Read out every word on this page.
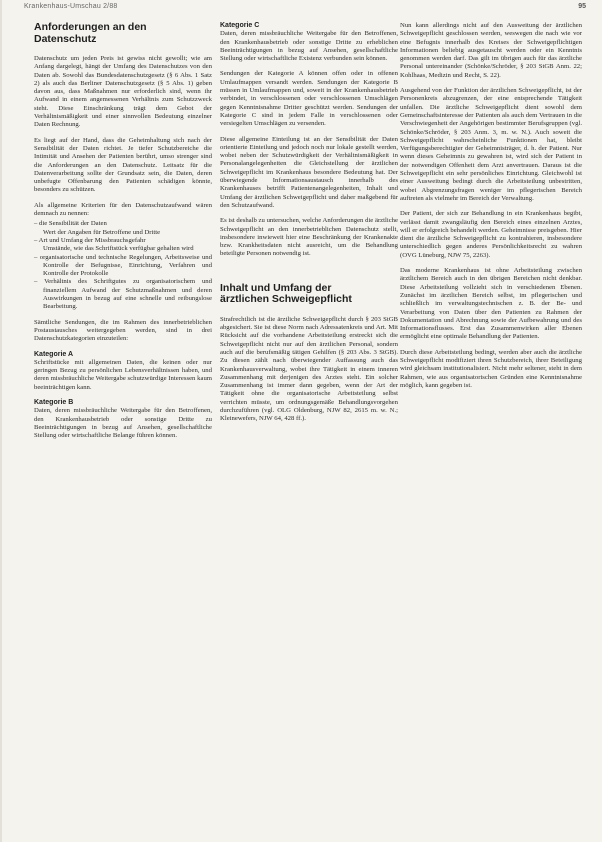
Krankenhaus-Umschau 2/88	95
Anforderungen an den
Datenschutz

Datenschutz um jeden Preis ist gewiss nicht gewollt; wie am Anfang dargelegt, hängt der Umfang des Datenschutzes von den Daten ab. Sowohl das Bundesdatenschutzgesetz (§ 6 Abs. 1 Satz 2) als auch das Berliner Datenschutzgesetz (§ 5 Abs. 1) geben davon aus, dass Maßnahmen nur erforderlich sind, wenn ihr Aufwand in einem angemessenen Verhältnis zum Schutzzweck steht. Diese Einschränkung trägt dem Gebot der Verhältnismäßigkeit und einer sinnvollen Bedeutung einzelner Daten Rechnung.

Es liegt auf der Hand, dass die Geheimhaltung sich nach der Sensibilität der Daten richtet. Je tiefer Schutzbereiche die Intimität und Ansehen der Patienten berührt, umso strenger sind die Anforderungen an den Datenschutz. Leitsatz für die Datenverarbeitung sollte der Grundsatz sein, die Daten, deren unbefugte Offenbarung den Patienten schädigen könnte, besonders zu schützen.

Als allgemeine Kriterien für den Datenschutzaufwand wären demnach zu nennen:

– die Sensibilität der Daten
Wert der Angaben für Betroffene und Dritte
– Art und Umfang der Missbrauchsgefahr
Umstände, wie das Schriftstück verfügbar gehalten wird
– organisatorische und technische Regelungen, Arbeitsweise und Kontrolle der Befugnisse, Einrichtung, Verfahren und Kontrolle der Protokolle
– Verhältnis des Schriftgutes zu organisatorischem und finanziellem Aufwand der Schutzmaßnahmen und deren Auswirkungen in bezug auf eine schnelle und reibungslose Bearbeitung.

Sämtliche Sendungen, die im Rahmen des innerbetrieblichen Postaustausches weitergegeben werden, sind in drei Datenschutzkategorien einzuteilen:

Kategorie A

Schriftstücke mit allgemeinen Daten, die keinen oder nur geringen Bezug zu persönlichen Lebensverhältnissen haben, und deren missbräuchliche Weitergabe schutzwürdige Interessen kaum beeinträchtigen kann.

Kategorie B

Daten, deren missbräuchliche Weitergabe für den Betroffenen, den Krankenhausbetrieb oder sonstige Dritte zu Beeinträchtigungen in bezug auf Ansehen, gesellschaftliche Stellung oder wirtschaftliche Belange führen können.

Kategorie C

Daten, deren missbräuchliche Weitergabe für den Betroffenen, den Krankenhausbetrieb oder sonstige Dritte zu erheblichen Beeinträchtigungen in bezug auf Ansehen, gesellschaftliche Stellung oder wirtschaftliche Existenz verbunden sein können.

Sendungen der Kategorie A können offen oder in offenen Umlaufmappen versandt werden. Sendungen der Kategorie B müssen in Umlaufmappen und, soweit in der Krankenhausbetrieb verbindet, in verschlossenen oder verschlossenen Umschlägen gegen Kenntnisnahme Dritter geschützt werden. Sendungen der Kategorie C sind in jedem Falle in verschlossenen oder versiegelten Umschlägen zu versenden.

Diese allgemeine Einteilung ist an der Sensibilität der Daten orientierte Einteilung und jedoch noch nur lokale gestellt werden, wobei neben der Schutzwürdigkeit der Verhältnismäßigkeit in Personalangelegenheiten die Gleichstellung der ärztlichen Schweigepflicht im Krankenhaus besondere Bedeutung hat. Der überwiegende Informationsaustausch innerhalb des Krankenhauses betrifft Patientenangelegenheiten, Inhalt und Umfang der ärztlichen Schweigepflicht und daher maßgebend für den Schutzaufwand.

Es ist deshalb zu untersuchen, welche Anforderungen die ärztliche Schweigepflicht an den innerbetrieblichen Datenschutz stellt, insbesondere inwieweit hier eine Beschränkung der Krankenakte bzw. Krankheitsdaten nicht ausreicht, um die Behandlung beteiligte Personen notwendig ist.

Inhalt und Umfang der
ärztlichen Schweigepflicht

Strafrechtlich ist die ärztliche Schweigepflicht durch § 203 StGB abgesichert. Sie ist diese Norm nach Adressatenkreis und Art. Mit Rücksicht auf die vorhandene Arbeitsteilung erstreckt sich die Schweigepflicht nicht nur auf den ärztlichen Personal, sondern auch auf die berufsmäßig tätigen Gehilfen (§ 203 Abs. 3 StGB). Zu diesen zählt nach überwiegender Auffassung auch das Krankenhausverwaltung, wobei ihre Tätigkeit in einem inneren Zusammenhang mit derjenigen des Arztes steht. Ein solcher Zusammenhang ist immer dann gegeben, wenn der Art der Tätigkeit ohne die organisatorische Arbeitsteilung selbst verrichten müsste, um ordnungsgemäße Behandlungsvorgehen durchzuführen (vgl. OLG Oldenburg, NJW 82, 2615 m. w. N.; Kleinewefers, NJW 64, 428 ff.).

Nun kann allerdings nicht auf den Ausweitung der ärztlichen Schweigepflicht geschlossen werden, weswegen die nach wie vor eine Befugnis innerhalb des Kreises der Schweigepflichtigen Informationen beliebig ausgetauscht werden oder ein Kenntnis genommen werden darf. Das gilt im übrigen auch für das ärztliche Personal untereinander (Schönke/Schröder, § 203 StGB Anm. 22; Kohlhaas, Medizin und Recht, S. 22).

Ausgehend von der Funktion der ärztlichen Schweigepflicht, ist der Personenkreis abzugrenzen, der eine entsprechende Tätigkeit unfallen. Die ärztliche Schweigepflicht dient sowohl dem Gemeinschaftsinteresse der Patienten als auch dem Vertrauen in die Verschwiegenheit der Angehörigen bestimmter Berufsgruppen (vgl. Schönke/Schröder, § 203 Anm. 3, m. w. N.). Auch soweit die Schweigepflicht wahrscheinliche Funktionen hat, bleibt Verfügungsberechtigter der Geheimnisträger, d. h. der Patient. Nur wenn dieses Geheimnis zu gewahren ist, wird sich der Patient in der notwendigen Offenheit dem Arzt anvertrauen. Daraus ist die Schweigepflicht ein sehr persönliches Einrichtung. Gleichwohl ist einer Ausweitung bedingt durch die Arbeitsteilung unbestritten, wobei Abgrenzungsfragen weniger im pflegerischen Bereich auftreten als vielmehr im Bereich der Verwaltung.

Der Patient, der sich zur Behandlung in ein Krankenhaus begibt, verlässt damit zwangsläufig den Bereich eines einzelnen Arztes, will er erfolgreich behandelt werden. Geheimnisse preisgeben. Hier dient die ärztliche Schweigepflicht zu kontrahieren, insbesondere unterschiedlich gegen anderes Persönlichkeitsrecht zu wahren (OVG Lüneburg, NJW 75, 2263).

Das moderne Krankenhaus ist ohne Arbeitsteilung zwischen ärztlichem Bereich auch in den übrigen Bereichen nicht denkbar. Diese Arbeitsteilung vollzieht sich in verschiedenen Ebenen. Zunächst im ärztlichen Bereich selbst, im pflegerischen und schließlich im verwaltungstechnischen z. B. der Be- und Verarbeitung von Daten über den Patienten zu Rahmen der Dokumentation und Abrechnung sowie der Aufbewahrung und des Informationsflusses. Erst das Zusammenwirken aller Ebenen ermöglicht eine optimale Behandlung der Patienten.

Durch diese Arbeitsteilung bedingt, werden aber auch die ärztliche Schweigepflicht modifiziert ihren Schutzbereich, ihrer Beteiligung wird gleichsam institutionalisiert. Nicht mehr seltener, steht in dem Rahmen, wie aus organisatorischen Gründen eine Kenntnisnahme möglich, kann gegeben ist.
